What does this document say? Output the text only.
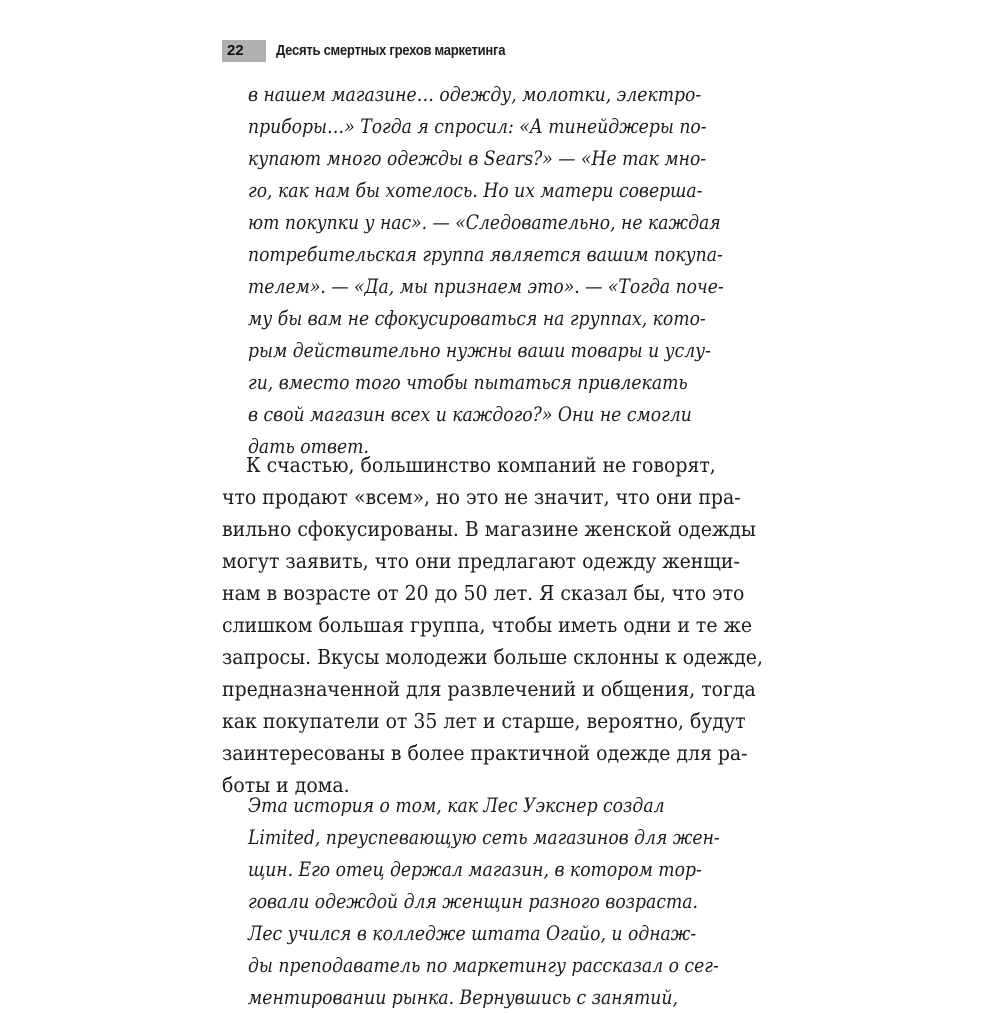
22	Десять смертных грехов маркетинга
в нашем магазине… одежду, молотки, электро-
приборы…» Тогда я спросил: «А тинейджеры по-
купают много одежды в Sears?» — «Не так мно-
го, как нам бы хотелось. Но их матери соверша-
ют покупки у нас». — «Следовательно, не каждая
потребительская группа является вашим покупа-
телем». — «Да, мы признаем это». — «Тогда поче-
му бы вам не сфокусироваться на группах, кото-
рым действительно нужны ваши товары и услу-
ги, вместо того чтобы пытаться привлекать
в свой магазин всех и каждого?» Они не смогли
дать ответ.
К счастью, большинство компаний не говорят,
что продают «всем», но это не значит, что они пра-
вильно сфокусированы. В магазине женской одежды
могут заявить, что они предлагают одежду женщи-
нам в возрасте от 20 до 50 лет. Я сказал бы, что это
слишком большая группа, чтобы иметь одни и те же
запросы. Вкусы молодежи больше склонны к одежде,
предназначенной для развлечений и общения, тогда
как покупатели от 35 лет и старше, вероятно, будут
заинтересованы в более практичной одежде для ра-
боты и дома.
Эта история о том, как Лес Уэкснер создал
Limited, преуспевающую сеть магазинов для жен-
щин. Его отец держал магазин, в котором тор-
говали одеждой для женщин разного возраста.
Лес учился в колледже штата Огайо, и однаж-
ды преподаватель по маркетингу рассказал о сег-
ментировании рынка. Вернувшись с занятий,
